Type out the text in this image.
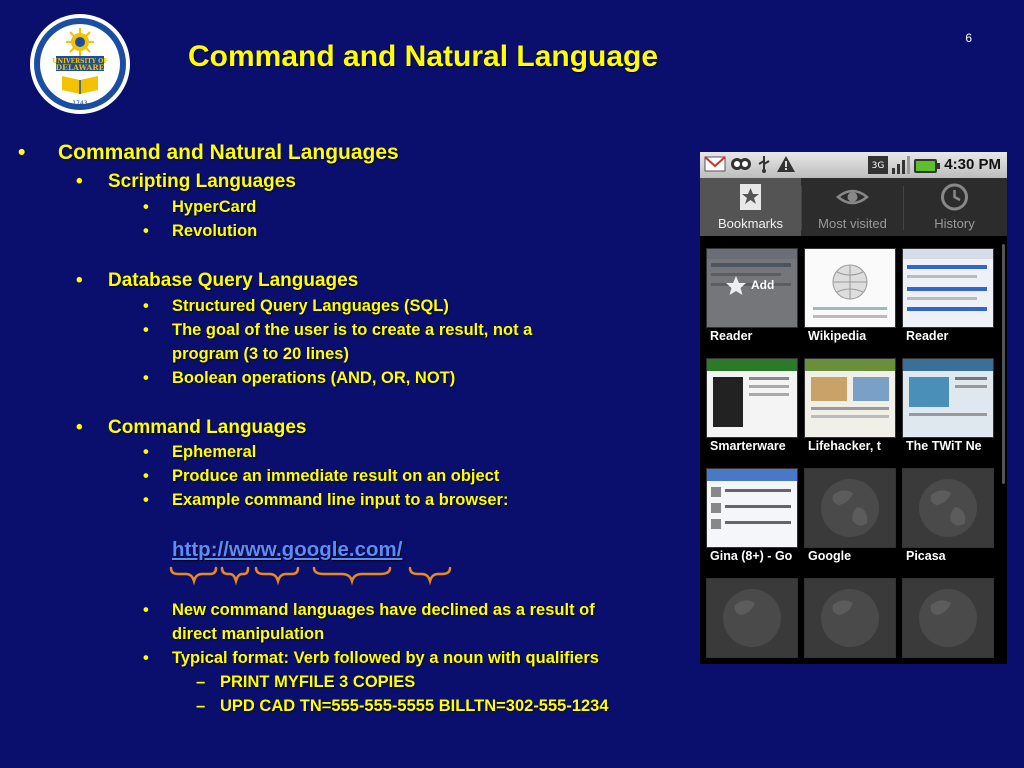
UNIVERSITY OF
DELAWARE
1743
Command and Natural Language
6
• Command and Natural Languages
• Scripting Languages
• HyperCard
• Revolution
• Database Query Languages
• Structured Query Languages (SQL)
• The goal of the user is to create a result, not a
program (3 to 20 lines)
• Boolean operations (AND, OR, NOT)
• Command Languages
• Ephemeral
• Produce an immediate result on an object
• Example command line input to a browser:
http://www.google.com/
• New command languages have declined as a result of
direct manipulation
• Typical format: Verb followed by a noun with qualifiers
– PRINT MYFILE 3 COPIES
– UPD CAD TN=555-555-5555 BILLTN=302-555-1234
3G	4:30 PM
Bookmarks	Most visited	History
Add
Reader	Wikipedia	Reader
Smarterware	Lifehacker, t	The TWiT Ne
Gina (8+) - Go	Google	Picasa
